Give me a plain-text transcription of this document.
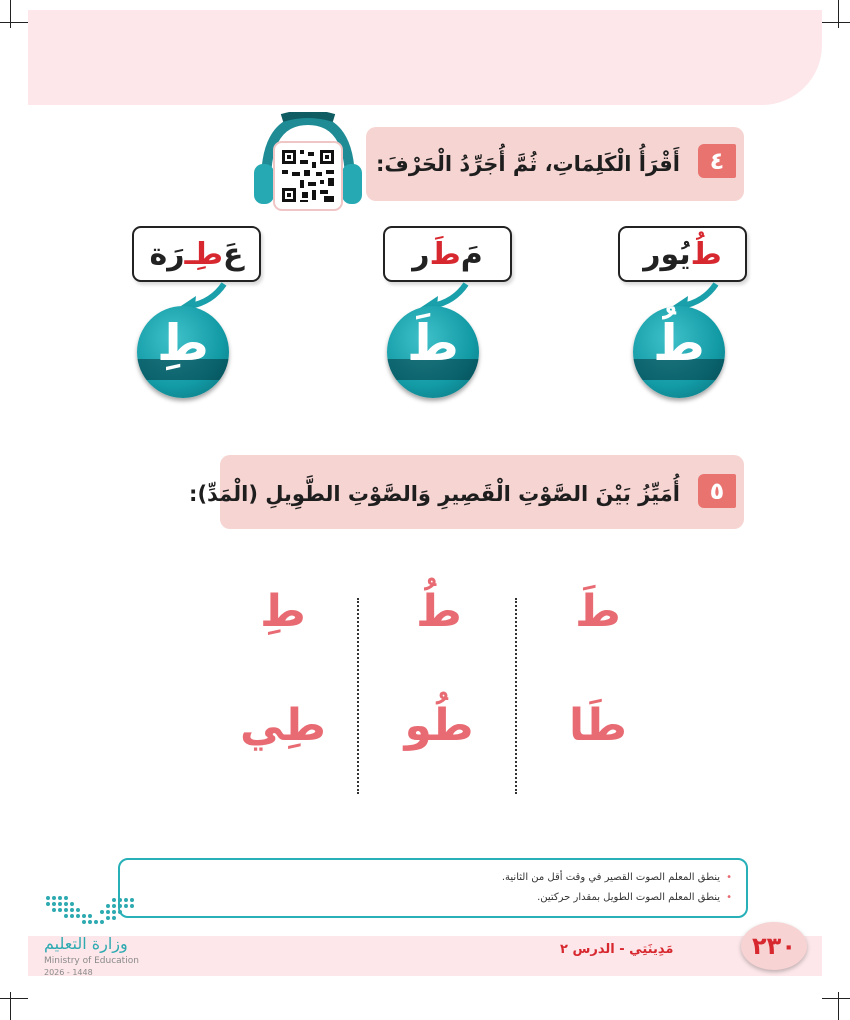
٤
أَقْرَأُ الْكَلِمَاتِ، ثُمَّ أُجَرِّدُ الْحَرْفَ:
طُ
يُور
مَ
طَ
ر
عَ
طِـ
رَة
طُ
طَ
طِ
٥
أُمَيِّزُ بَيْنَ الصَّوْتِ الْقَصِيرِ وَالصَّوْتِ الطَّوِيلِ (الْمَدِّ):
طَ
طُ
طِ
طَا
طُو
طِي
•ينطق المعلم الصوت القصير في وقت أقل من الثانية.
•ينطق المعلم الصوت الطويل بمقدار حركتين.
٢٣٠
مَدِينَتِي - الدرس ٢
وزارة التعليم
Ministry of Education
2026 - 1448
